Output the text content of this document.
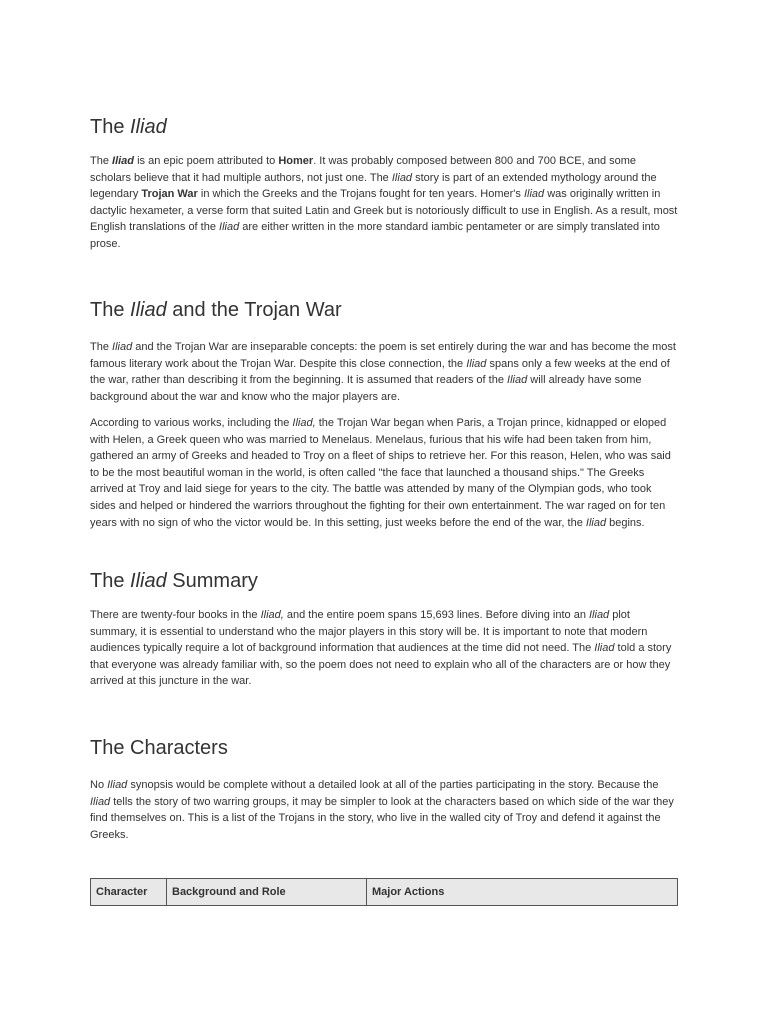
The Iliad

The Iliad is an epic poem attributed to Homer. It was probably composed between 800 and 700 BCE, and some scholars believe that it had multiple authors, not just one. The Iliad story is part of an extended mythology around the legendary Trojan War in which the Greeks and the Trojans fought for ten years. Homer's Iliad was originally written in dactylic hexameter, a verse form that suited Latin and Greek but is notoriously difficult to use in English. As a result, most English translations of the Iliad are either written in the more standard iambic pentameter or are simply translated into prose.

The Iliad and the Trojan War

The Iliad and the Trojan War are inseparable concepts: the poem is set entirely during the war and has become the most famous literary work about the Trojan War. Despite this close connection, the Iliad spans only a few weeks at the end of the war, rather than describing it from the beginning. It is assumed that readers of the Iliad will already have some background about the war and know who the major players are.

According to various works, including the Iliad, the Trojan War began when Paris, a Trojan prince, kidnapped or eloped with Helen, a Greek queen who was married to Menelaus. Menelaus, furious that his wife had been taken from him, gathered an army of Greeks and headed to Troy on a fleet of ships to retrieve her. For this reason, Helen, who was said to be the most beautiful woman in the world, is often called "the face that launched a thousand ships." The Greeks arrived at Troy and laid siege for years to the city. The battle was attended by many of the Olympian gods, who took sides and helped or hindered the warriors throughout the fighting for their own entertainment. The war raged on for ten years with no sign of who the victor would be. In this setting, just weeks before the end of the war, the Iliad begins.

The Iliad Summary

There are twenty-four books in the Iliad, and the entire poem spans 15,693 lines. Before diving into an Iliad plot summary, it is essential to understand who the major players in this story will be. It is important to note that modern audiences typically require a lot of background information that audiences at the time did not need. The Iliad told a story that everyone was already familiar with, so the poem does not need to explain who all of the characters are or how they arrived at this juncture in the war.

The Characters

No Iliad synopsis would be complete without a detailed look at all of the parties participating in the story. Because the Iliad tells the story of two warring groups, it may be simpler to look at the characters based on which side of the war they find themselves on. This is a list of the Trojans in the story, who live in the walled city of Troy and defend it against the Greeks.

Character	Background and Role	Major Actions
